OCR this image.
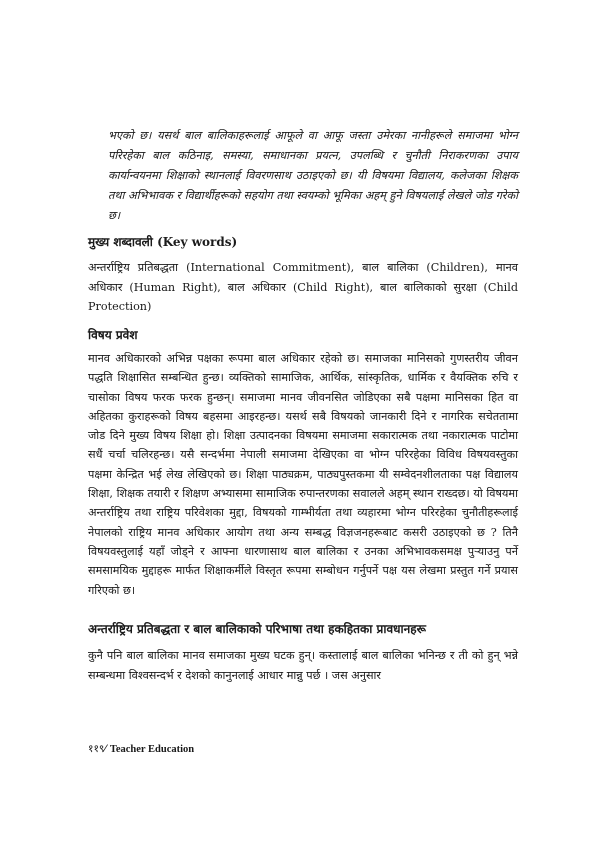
भएको छ। यसर्थ बाल बालिकाहरूलाई आफूले वा आफू जस्ता उमेरका नानीहरूले समाजमा भोग्न परिरहेका बाल कठिनाइ, समस्या, समाधानका प्रयत्न, उपलब्धि र चुनौती निराकरणका उपाय कार्यान्वयनमा शिक्षाको स्थानलाई विवरणसाथ उठाइएको छ। यी विषयमा विद्यालय, कलेजका शिक्षक तथा अभिभावक र विद्यार्थीहरूको सहयोग तथा स्वयम्को भूमिका अहम् हुने विषयलाई लेखले जोड गरेको छ।
मुख्य शब्दावली (Key words)
अन्तर्राष्ट्रिय प्रतिबद्धता (International Commitment), बाल बालिका (Children), मानव अधिकार (Human Right), बाल अधिकार (Child Right), बाल बालिकाको सुरक्षा (Child Protection)
विषय प्रवेश
मानव अधिकारको अभिन्न पक्षका रूपमा बाल अधिकार रहेको छ। समाजका मानिसको गुणस्तरीय जीवन पद्धति शिक्षासित सम्बन्धित हुन्छ। व्यक्तिको सामाजिक, आर्थिक, सांस्कृतिक, धार्मिक र वैयक्तिक रुचि र चासोका विषय फरक फरक हुन्छन्। समाजमा मानव जीवनसित जोडिएका सबै पक्षमा मानिसका हित वा अहितका कुराहरूको विषय बहसमा आइरहन्छ। यसर्थ सबै विषयको जानकारी दिने र नागरिक सचेततामा जोड दिने मुख्य विषय शिक्षा हो। शिक्षा उत्पादनका विषयमा समाजमा सकारात्मक तथा नकारात्मक पाटोमा सधैं चर्चा चलिरहन्छ। यसै सन्दर्भमा नेपाली समाजमा देखिएका वा भोग्न परिरहेका विविध विषयवस्तुका पक्षमा केन्द्रित भई लेख लेखिएको छ। शिक्षा पाठ्यक्रम, पाठ्यपुस्तकमा यी सम्वेदनशीलताका पक्ष विद्यालय शिक्षा, शिक्षक तयारी र शिक्षण अभ्यासमा सामाजिक रुपान्तरणका सवालले अहम् स्थान राख्दछ। यो विषयमा अन्तर्राष्ट्रिय तथा राष्ट्रिय परिवेशका मुद्दा, विषयको गाम्भीर्यता तथा व्यहारमा भोग्न परिरहेका चुनौतीहरूलाई नेपालको राष्ट्रिय मानव अधिकार आयोग तथा अन्य सम्बद्ध विज्ञजनहरूबाट कसरी उठाइएको छ ? तिनै विषयवस्तुलाई यहाँ जोड्ने र आफ्ना धारणासाथ बाल बालिका र उनका अभिभावकसमक्ष पुऱ्याउनु पर्ने समसामयिक मुद्दाहरू मार्फत शिक्षाकर्मीले विस्तृत रूपमा सम्बोधन गर्नुपर्ने पक्ष यस लेखमा प्रस्तुत गर्ने प्रयास गरिएको छ।
अन्तर्राष्ट्रिय प्रतिबद्धता र बाल बालिकाको परिभाषा तथा हकहितका प्रावधानहरू
कुनै पनि बाल बालिका मानव समाजका मुख्य घटक हुन्। कस्तालाई बाल बालिका भनिन्छ र ती को हुन् भन्ने सम्बन्धमा विश्वसन्दर्भ र देशको कानुनलाई आधार मान्नु पर्छ । जस अनुसार
११९⁄ Teacher Education
